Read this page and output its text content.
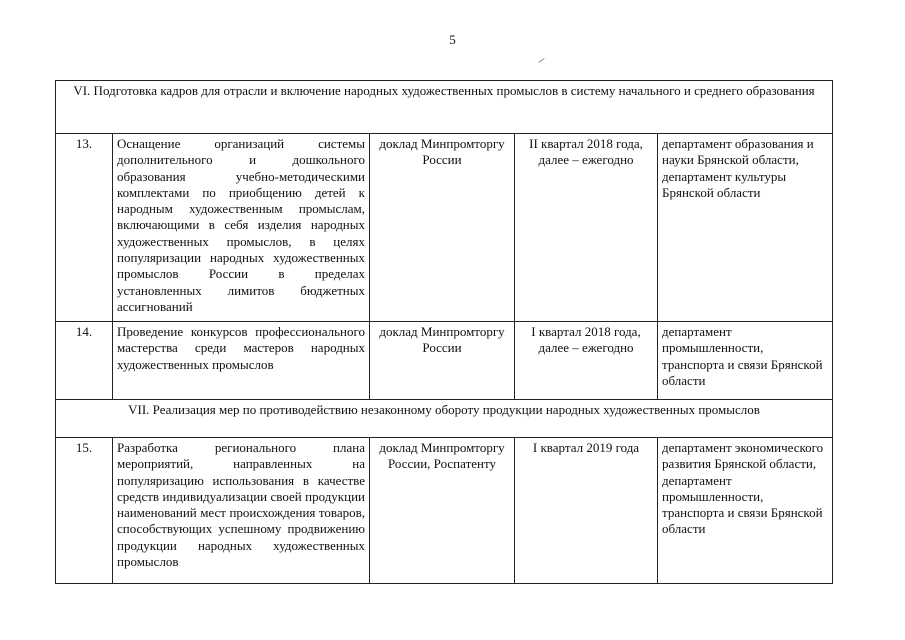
5
VI. Подготовка кадров для отрасли и включение народных художественных промыслов в систему начального и среднего образования				
13.	Оснащение организаций системы дополнительного и дошкольного образования учебно-методическими комплектами по приобщению детей к народным художественным промыслам, включающими в себя изделия народных художественных промыслов, в целях популяризации народных художественных промыслов России в пределах установленных лимитов бюджетных ассигнований	доклад Минпромторгу России	II квартал 2018 года, далее – ежегодно	департамент образования и науки Брянской области, департамент культуры Брянской области
14.	Проведение конкурсов профессионального мастерства среди мастеров народных художественных промыслов	доклад Минпромторгу России	I квартал 2018 года, далее – ежегодно	департамент промышленности, транспорта и связи Брянской области
VII. Реализация мер по противодействию незаконному обороту продукции народных художественных промыслов				
15.	Разработка регионального плана мероприятий, направленных на популяризацию использования в качестве средств индивидуализации своей продукции наименований мест происхождения товаров, способствующих успешному продвижению продукции народных художественных промыслов	доклад Минпромторгу России, Роспатенту	I квартал 2019 года	департамент экономического развития Брянской области, департамент промышленности, транспорта и связи Брянской области
